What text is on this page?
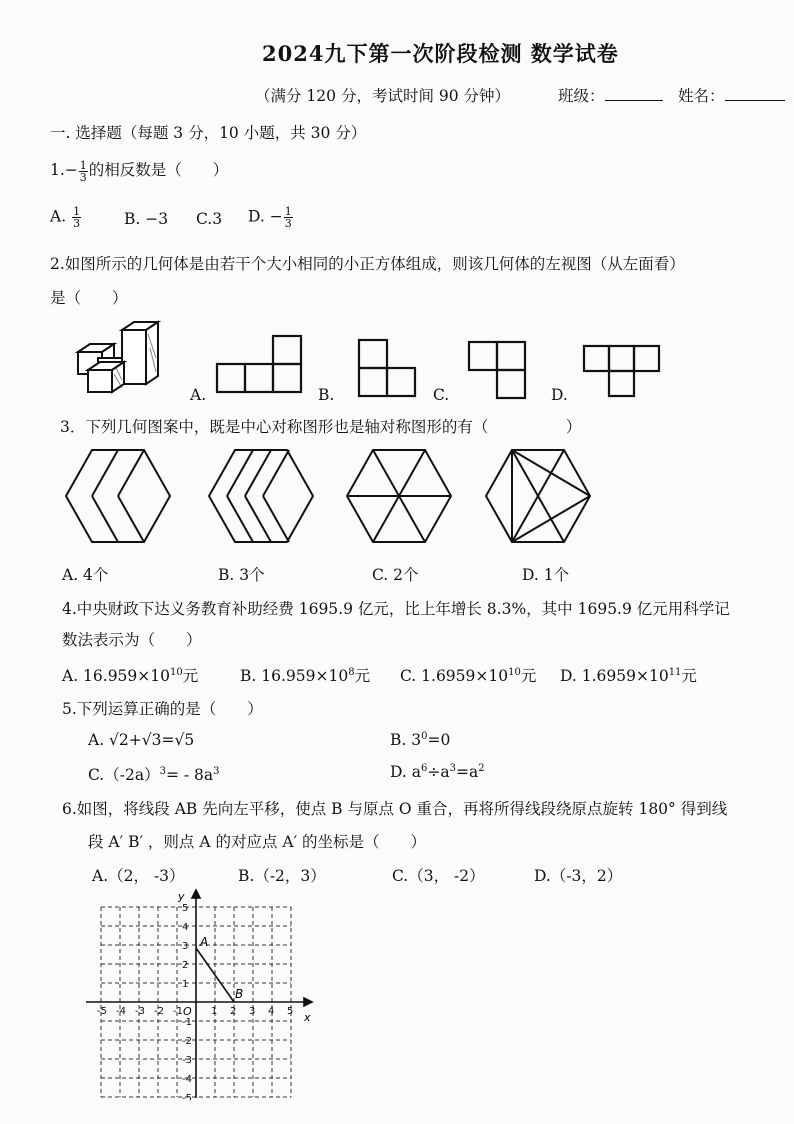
2024九下第一次阶段检测 数学试卷
（满分 120 分，考试时间 90 分钟）	班级：	姓名：
一. 选择题（每题 3 分，10 小题，共 30 分）
$1.- \frac{1}{3}$ 的相反数是（　　）
A. $\frac{1}{3}$	B. −3 C.3 D. − $\frac{1}{3}$
2.如图所示的几何体是由若干个大小相同的小正方体组成，则该几何体的左视图（从左面看）
是（　　）
A.	B.	C.	D.
3．下列几何图案中，既是中心对称图形也是轴对称图形的有（　　　　　）
A. 4个	B. 3个	C. 2个	D. 1个
4.中央财政下达义务教育补助经费 1695.9 亿元，比上年增长 8.3%，其中 1695.9 亿元用科学记
数法表示为（　　）
A. $16.959\times 10^{10}$元	B. $16.959\times 10^8$元 C. $1.6959\times 10^{10}$元 D. $1.6959\times 10^{11}$元
5.下列运算正确的是（　　）
A. √2+√3=√5	B. $3^0=0$
$C.(-2a)^3= - 8a^3$	D. $a^6\div a^3=a^2$
6.如图，将线段 AB 先向左平移，使点 B 与原点 O 重合，再将所得线段绕原点旋转 180° 得到线
段 A′ B′ ，则点 A 的对应点 A′ 的坐标是（　　）
A.（2， -3）	B.（-2，3）	C.（3， -2）	D.（-3，2）
-5
-5
-4
-4
-3
-3
-2
-2
-1
-1
1
1
2
2
3
3
4
4
5
5
A
B
O	x
y
